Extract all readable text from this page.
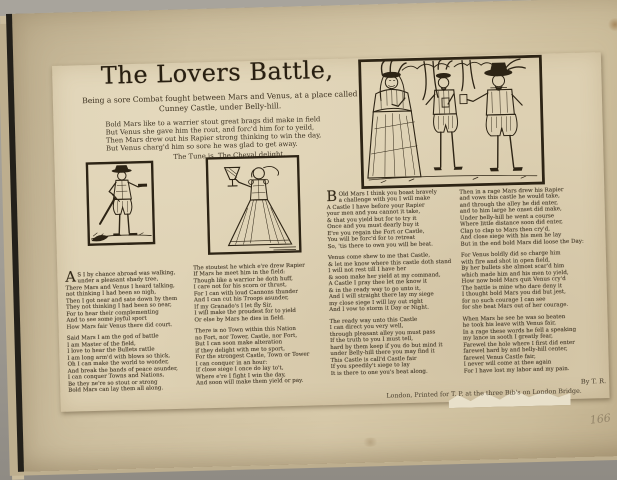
166
The Lovers Battle,
Being a sore Combat fought between Mars and Venus, at a place called
Cunney Castle, under Belly-hill.
Bold Mars like to a warrier stout great brags did make in field
But Venus she gave him the rout, and forc'd him for to yeild,
Then Mars drew out his Rapier strong thinking to win the day,
But Venus charg'd him so sore he was glad to get away.
The Tune is, The Cheval delight.
A S I by chance abroad was walking,
under a pleasant shady tree,
There Mars and Venus I heard talking,
not thinking I had been so nigh,
Then I got near and sate down by them
They not thinking I had been so near,
For to hear their complementing
And to see some joyful sport
How Mars fair Venus there did court.
Said Mars I am the god of battle
I am Master of the field,
I love to hear the Bullets rattle
I am long arm'd with blows so thick,
Oh I can make the world to wonder,
And break the bands of peace asunder,
I can conquer Towns and Nations,
Be they ne're so stout or strong
Bold Mars can lay them all along.
The stoutest he which e're drew Rapier
If Mars he meet him in the field:
Though like a warrior he doth huff,
I care not for his scorn or thrust,
For I can with loud Cannons thunder
And I can cut his Troops asunder,
If my Granado's I let fly Sir,
I will make the proudest for to yield
Or else by Mars he dies in field.
There is no Town within this Nation
no Fort, nor Tower, Castle, nor Fort,
But I can soon make alteration
if they delight with me to sport,
For the strongest Castle, Town or Tower
I can conquer in an hour:
If close siege I once do lay to't,
Where e're I fight I win the day,
And soon will make them yield or pay.
B Old Mars I think you boast bravely
a challenge with you I will make
A Castle I have before your Rapier
your men and you cannot it take,
& that you yield but for to try it
Once and you must dearly buy it
E're you regain the Fort or Castle,
You will be forc'd for to retreat
So, 'tis there to own you will be beat.
Venus come shew to me that Castle,
& let me know where this castle doth stand
I will not rest till I have her
& soon make her yield at my command,
A Castle I pray thee let me know it
& in the ready way to go unto it,
And I will straight there lay my siege
my close siege I will lay out right
And I vow to storm it Day or Night.
The ready way unto this Castle
I can direct you very well,
through pleasant alley you must pass
If the truth to you I must tell,
hard by them keep if you do but mind it
under Belly-hill there you may find it
This Castle is call'd Castle fair
If you speedily't siege to lay
It is there to one you's beat along.
Then in a rage Mars drew his Rapier
and vows this castle he would take,
and through the alley he did enter,
and to him large he onset did make,
Under belly-hill he went a course
Where little distance soon did enter,
Clap to clap to Mars then cry'd,
And close siege with his men he lay
But in the end bold Mars did loose the Day:
For Venus boldly did so charge him
with fire and shot in open field,
By her bullets she almost scar'd him
which made him and his men to yield,
How now bold Mars quit Venus cry'd
The battle is mine who dare deny it
I thought bold Mars you did but jest,
for no such courage I can see
for she beat Mars out of her courage.
When Mars he see he was so beaten
he took his leave with Venus fair,
In a rage these words he fell a speaking
my lance in sooth I greatly fear,
Farewel the hole where I first did enter
farewel hard by and belly-hill center,
farewel Venus Castle fair,
I never will come at thee again
For I have lost my labor and my pain.
By T. R.
London, Printed for T. P. at the three Bib's on London Bridge.
